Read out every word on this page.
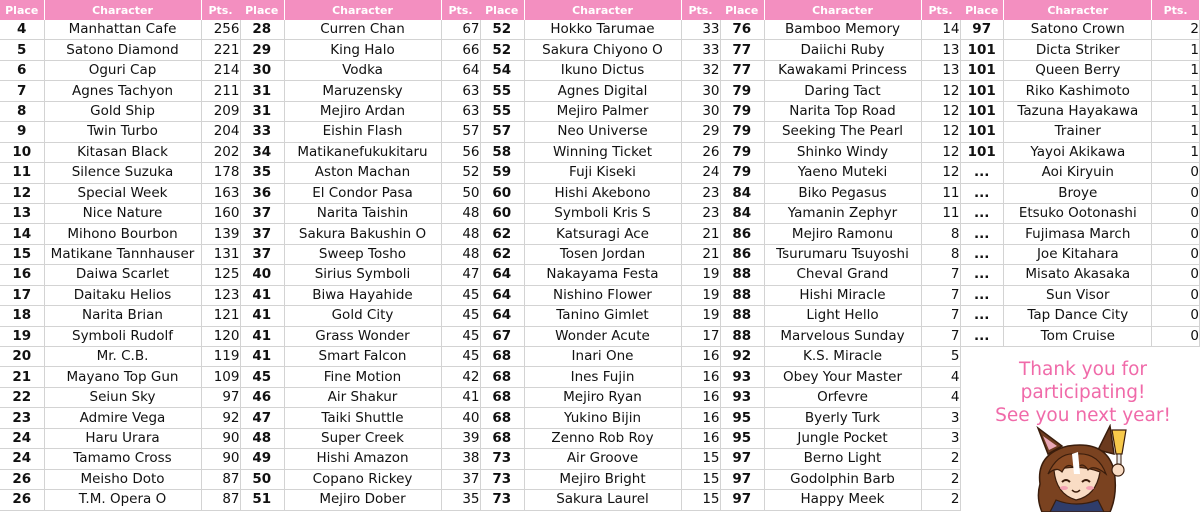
Place	Character	Pts.
4	Manhattan Cafe	256
5	Satono Diamond	221
6	Oguri Cap	214
7	Agnes Tachyon	211
8	Gold Ship	209
9	Twin Turbo	204
10	Kitasan Black	202
11	Silence Suzuka	178
12	Special Week	163
13	Nice Nature	160
14	Mihono Bourbon	139
15	Matikane Tannhauser	131
16	Daiwa Scarlet	125
17	Daitaku Helios	123
18	Narita Brian	121
19	Symboli Rudolf	120
20	Mr. C.B.	119
21	Mayano Top Gun	109
22	Seiun Sky	97
23	Admire Vega	92
24	Haru Urara	90
24	Tamamo Cross	90
26	Meisho Doto	87
26	T.M. Opera O	87
Place	Character	Pts.
28	Curren Chan	67
29	King Halo	66
30	Vodka	64
31	Maruzensky	63
31	Mejiro Ardan	63
33	Eishin Flash	57
34	Matikanefukukitaru	56
35	Aston Machan	52
36	El Condor Pasa	50
37	Narita Taishin	48
37	Sakura Bakushin O	48
37	Sweep Tosho	48
40	Sirius Symboli	47
41	Biwa Hayahide	45
41	Gold City	45
41	Grass Wonder	45
41	Smart Falcon	45
45	Fine Motion	42
46	Air Shakur	41
47	Taiki Shuttle	40
48	Super Creek	39
49	Hishi Amazon	38
50	Copano Rickey	37
51	Mejiro Dober	35
Place	Character	Pts.
52	Hokko Tarumae	33
52	Sakura Chiyono O	33
54	Ikuno Dictus	32
55	Agnes Digital	30
55	Mejiro Palmer	30
57	Neo Universe	29
58	Winning Ticket	26
59	Fuji Kiseki	24
60	Hishi Akebono	23
60	Symboli Kris S	23
62	Katsuragi Ace	21
62	Tosen Jordan	21
64	Nakayama Festa	19
64	Nishino Flower	19
64	Tanino Gimlet	19
67	Wonder Acute	17
68	Inari One	16
68	Ines Fujin	16
68	Mejiro Ryan	16
68	Yukino Bijin	16
68	Zenno Rob Roy	16
73	Air Groove	15
73	Mejiro Bright	15
73	Sakura Laurel	15
Place	Character	Pts.
76	Bamboo Memory	14
77	Daiichi Ruby	13
77	Kawakami Princess	13
79	Daring Tact	12
79	Narita Top Road	12
79	Seeking The Pearl	12
79	Shinko Windy	12
79	Yaeno Muteki	12
84	Biko Pegasus	11
84	Yamanin Zephyr	11
86	Mejiro Ramonu	8
86	Tsurumaru Tsuyoshi	8
88	Cheval Grand	7
88	Hishi Miracle	7
88	Light Hello	7
88	Marvelous Sunday	7
92	K.S. Miracle	5
93	Obey Your Master	4
93	Orfevre	4
95	Byerly Turk	3
95	Jungle Pocket	3
97	Berno Light	2
97	Godolphin Barb	2
97	Happy Meek	2
Place	Character	Pts.
97	Satono Crown	2
101	Dicta Striker	1
101	Queen Berry	1
101	Riko Kashimoto	1
101	Tazuna Hayakawa	1
101	Trainer	1
101	Yayoi Akikawa	1
...	Aoi Kiryuin	0
...	Broye	0
...	Etsuko Ootonashi	0
...	Fujimasa March	0
...	Joe Kitahara	0
...	Misato Akasaka	0
...	Sun Visor	0
...	Tap Dance City	0
...	Tom Cruise	0
Thank you for
participating!
See you next year!
